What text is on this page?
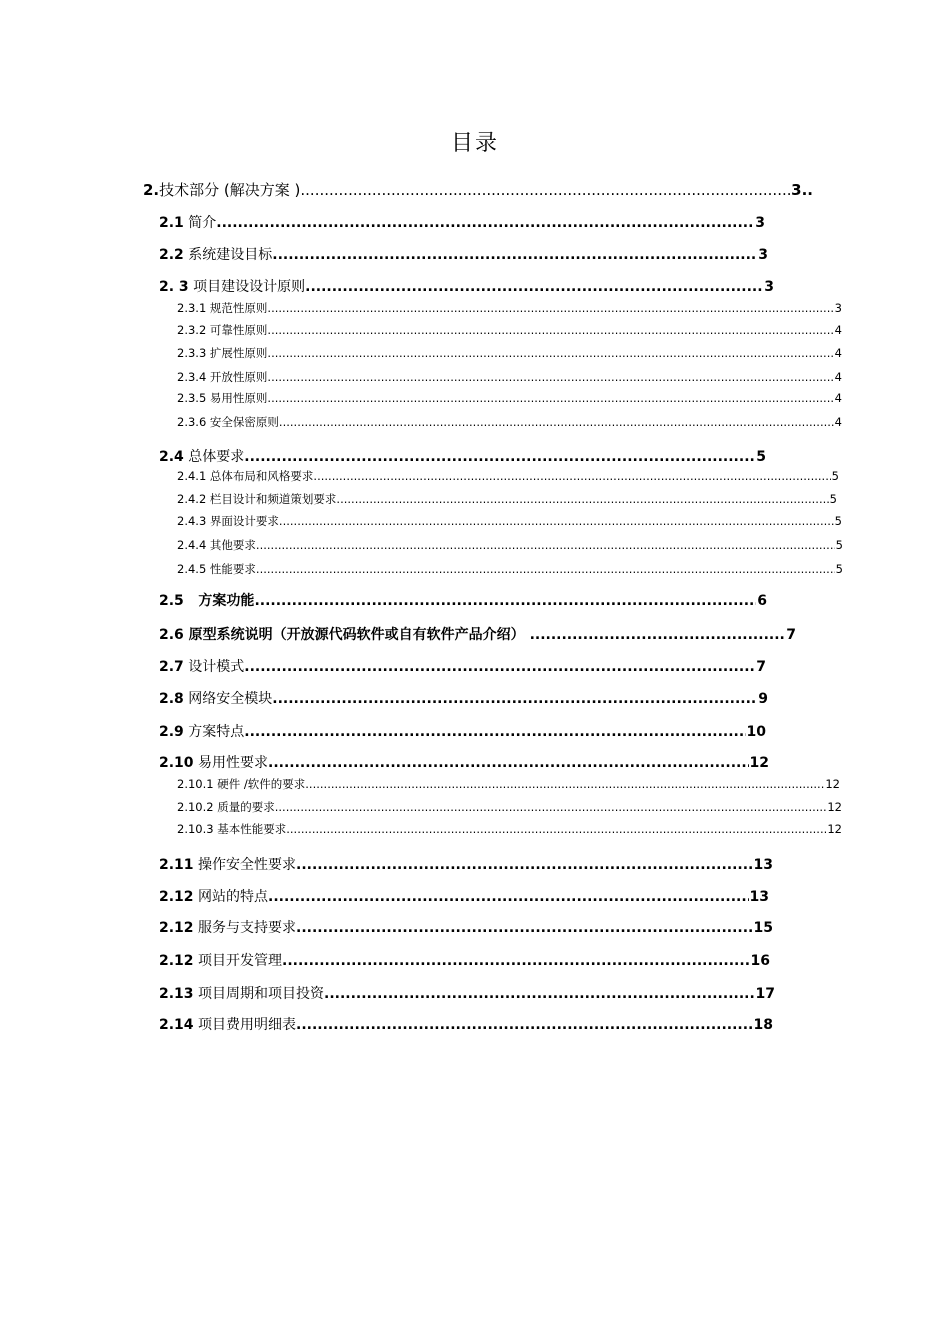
目录
2. 技术部分 (解决方案 ) .....	3..
2.1 简介 .....	3
2.2 系统建设目标 .....	3
2. 3 项目建设设计原则 .....	3
2.3.1 规范性原则 .....	3
2.3.2 可靠性原则 .....	4
2.3.3 扩展性原则 .....	4
2.3.4 开放性原则 .....	4
2.3.5 易用性原则 .....	4
2.3.6 安全保密原则 .....	4
2.4 总体要求 .....	5
2.4.1 总体布局和风格要求 .....	5
2.4.2 栏目设计和频道策划要求 .....	5
2.4.3 界面设计要求 .....	5
2.4.4 其他要求 .....	5
2.4.5 性能要求 .....	5
2.5 方案功能 .....	6
2.6 原型系统说明（开放源代码软件或自有软件产品介绍） .....	7
2.7 设计模式 .....	7
2.8 网络安全模块 .....	9
2.9 方案特点 .....	10
2.10 易用性要求 .....	12
2.10.1 硬件 /软件的要求 .....	12
2.10.2 质量的要求 .....	12
2.10.3 基本性能要求 .....	12
2.11 操作安全性要求 .....	13
2.12 网站的特点 .....	13
2.12 服务与支持要求 .....	15
2.12 项目开发管理 .....	16
2.13 项目周期和项目投资 .....	17
2.14 项目费用明细表 .....	18
